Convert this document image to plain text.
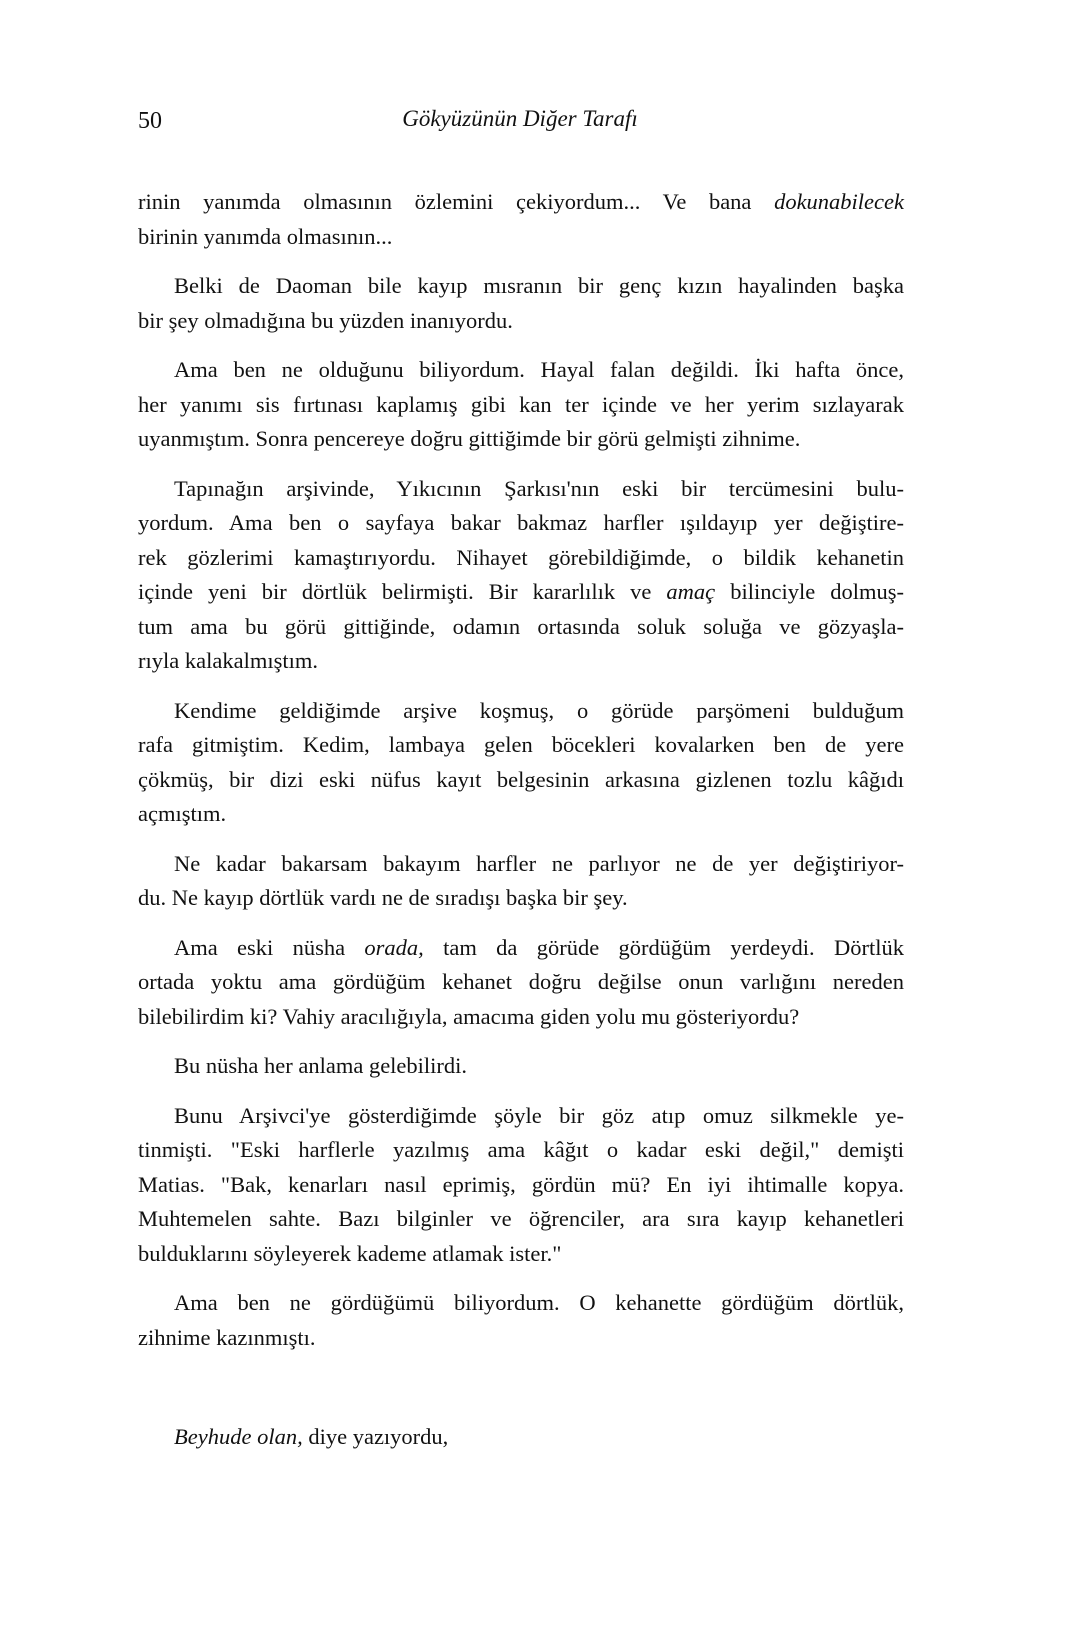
50	Gökyüzünün Diğer Tarafı
rinin yanımda olmasının özlemini çekiyordum... Ve bana dokunabilecek
birinin yanımda olmasının...
Belki de Daoman bile kayıp mısranın bir genç kızın hayalinden başka
bir şey olmadığına bu yüzden inanıyordu.
Ama ben ne olduğunu biliyordum. Hayal falan değildi. İki hafta önce,
her yanımı sis fırtınası kaplamış gibi kan ter içinde ve her yerim sızlayarak
uyanmıştım. Sonra pencereye doğru gittiğimde bir görü gelmişti zihnime.
Tapınağın arşivinde, Yıkıcının Şarkısı'nın eski bir tercümesini bulu-
yordum. Ama ben o sayfaya bakar bakmaz harfler ışıldayıp yer değiştire-
rek gözlerimi kamaştırıyordu. Nihayet görebildiğimde, o bildik kehanetin
içinde yeni bir dörtlük belirmişti. Bir kararlılık ve amaç bilinciyle dolmuş-
tum ama bu görü gittiğinde, odamın ortasında soluk soluğa ve gözyaşla-
rıyla kalakalmıştım.
Kendime geldiğimde arşive koşmuş, o görüde parşömeni bulduğum
rafa gitmiştim. Kedim, lambaya gelen böcekleri kovalarken ben de yere
çökmüş, bir dizi eski nüfus kayıt belgesinin arkasına gizlenen tozlu kâğıdı
açmıştım.
Ne kadar bakarsam bakayım harfler ne parlıyor ne de yer değiştiriyor-
du. Ne kayıp dörtlük vardı ne de sıradışı başka bir şey.
Ama eski nüsha orada, tam da görüde gördüğüm yerdeydi. Dörtlük
ortada yoktu ama gördüğüm kehanet doğru değilse onun varlığını nereden
bilebilirdim ki? Vahiy aracılığıyla, amacıma giden yolu mu gösteriyordu?
Bu nüsha her anlama gelebilirdi.
Bunu Arşivci'ye gösterdiğimde şöyle bir göz atıp omuz silkmekle ye-
tinmişti. "Eski harflerle yazılmış ama kâğıt o kadar eski değil," demişti
Matias. "Bak, kenarları nasıl eprimiş, gördün mü? En iyi ihtimalle kopya.
Muhtemelen sahte. Bazı bilginler ve öğrenciler, ara sıra kayıp kehanetleri
bulduklarını söyleyerek kademe atlamak ister."
Ama ben ne gördüğümü biliyordum. O kehanette gördüğüm dörtlük,
zihnime kazınmıştı.
Beyhude olan, diye yazıyordu,
